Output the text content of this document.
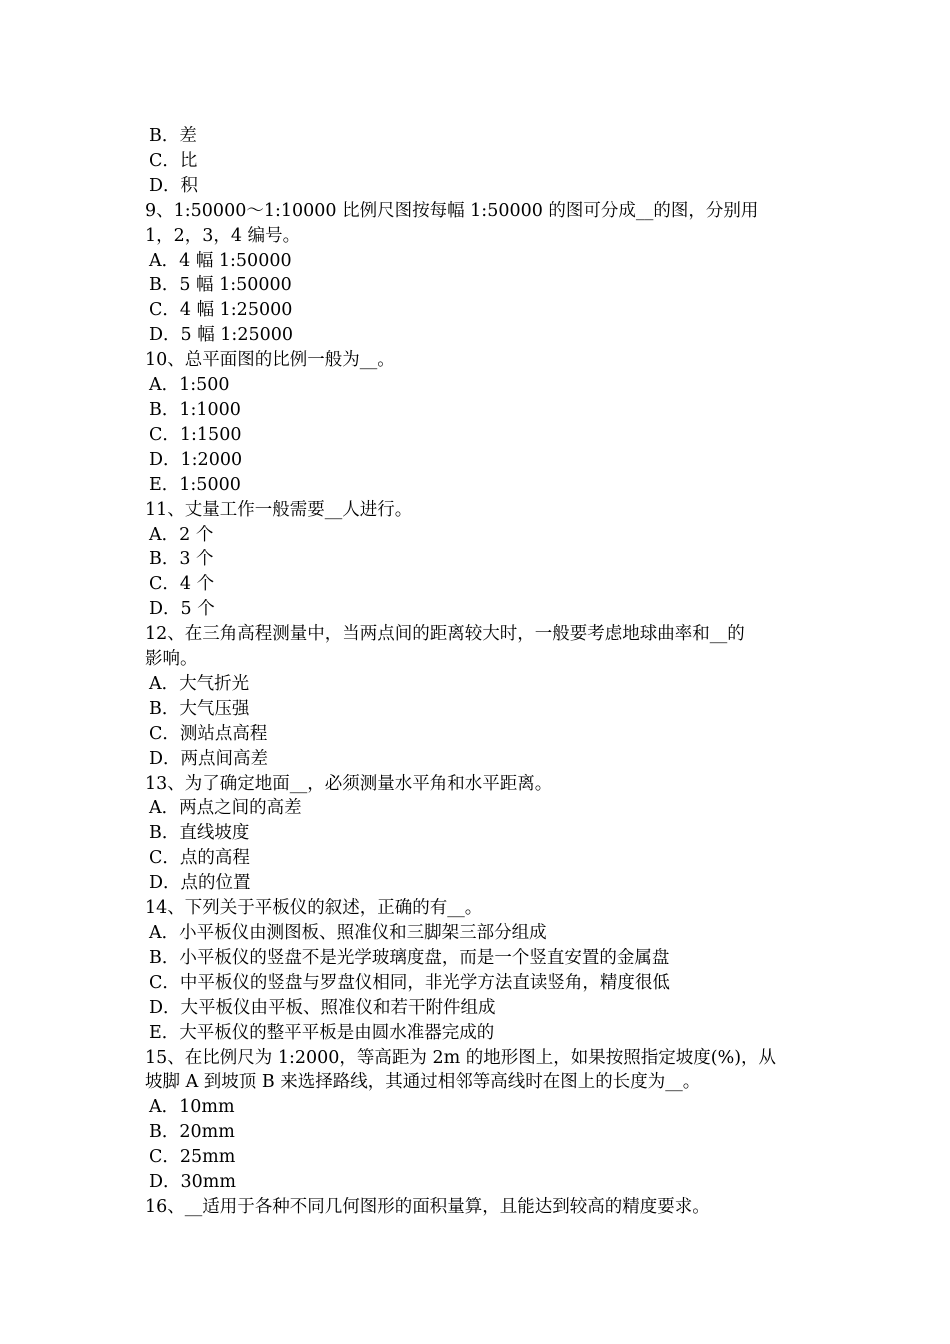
B．差

C．比

D．积

9、1:50000～1:10000 比例尺图按每幅 1:50000 的图可分成__的图，分别用

1，2，3，4 编号。

A．4 幅 1:50000

B．5 幅 1:50000

C．4 幅 1:25000

D．5 幅 1:25000

10、总平面图的比例一般为__。

A．1:500

B．1:1000

C．1:1500

D．1:2000

E．1:5000

11、丈量工作一般需要__人进行。

A．2 个

B．3 个

C．4 个

D．5 个

12、在三角高程测量中，当两点间的距离较大时，一般要考虑地球曲率和__的

影响。

A．大气折光

B．大气压强

C．测站点高程

D．两点间高差

13、为了确定地面__，必须测量水平角和水平距离。

A．两点之间的高差

B．直线坡度

C．点的高程

D．点的位置

14、下列关于平板仪的叙述，正确的有__。

A．小平板仪由测图板、照准仪和三脚架三部分组成

B．小平板仪的竖盘不是光学玻璃度盘，而是一个竖直安置的金属盘

C．中平板仪的竖盘与罗盘仪相同，非光学方法直读竖角，精度很低

D．大平板仪由平板、照准仪和若干附件组成

E．大平板仪的整平平板是由圆水准器完成的

15、在比例尺为 1:2000，等高距为 2m 的地形图上，如果按照指定坡度(%)，从

坡脚 A 到坡顶 B 来选择路线，其通过相邻等高线时在图上的长度为__。

A．10mm

B．20mm

C．25mm

D．30mm

16、__适用于各种不同几何图形的面积量算，且能达到较高的精度要求。
